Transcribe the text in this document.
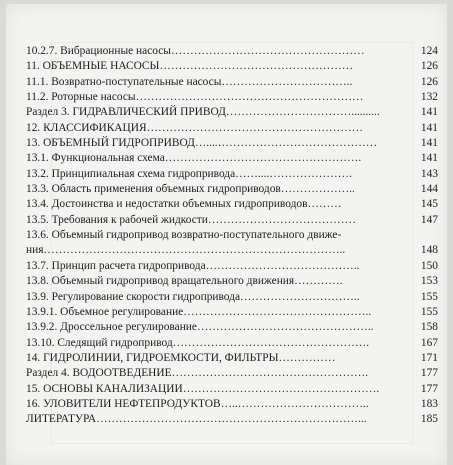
10.2.7. Вибрационные насосы……………………………………………	124
11. ОБЪЕМНЫЕ НАСОСЫ……………………………………………	126
11.1. Возвратно-поступательные насосы……………………………..	126
11.2. Роторные насосы……………………………………………………	132
Раздел 3. ГИДРАВЛИЧЕСКИЙ ПРИВОД……………………………..........	141
12. КЛАССИФИКАЦИЯ…………………………………………………	141
13. ОБЪЕМНЫЙ ГИДРОПРИВОД…....……………………………………	141
13.1. Функциональная схема…………………………………………….	141
13.2. Принципиальная схема гидропривода……....………………….	143
13.3. Область применения объемных гидроприводов………………..	144
13.4. Достоинства и недостатки объемных гидроприводов………	145
13.5. Требования к рабочей жидкости…………………………………	147
13.6. Объемный гидропривод возвратно-поступательного движе-
ния……………………………………………………………………..	148
13.7. Принцип расчета гидропривода…………………………………..	150
13.8. Объемный гидропривод вращательного движения………….	153
13.9. Регулирование скорости гидропривода…………………………..	155
13.9.1. Объемное регулирование…………………………………………..	155
13.9.2. Дроссельное регулирование………………………………………..	158
13.10. Следящий гидропривод…………………………………………….	167
14. ГИДРОЛИНИИ, ГИДРОЕМКОСТИ, ФИЛЬТРЫ……………	171
Раздел 4. ВОДООТВЕДЕНИЕ…………………………………………….	177
15. ОСНОВЫ КАНАЛИЗАЦИИ…………………………………………….	177
16. УЛОВИТЕЛИ НЕФТЕПРОДУКТОВ…..……………………………..	183
ЛИТЕРАТУРА……………………………………………………………...	185
